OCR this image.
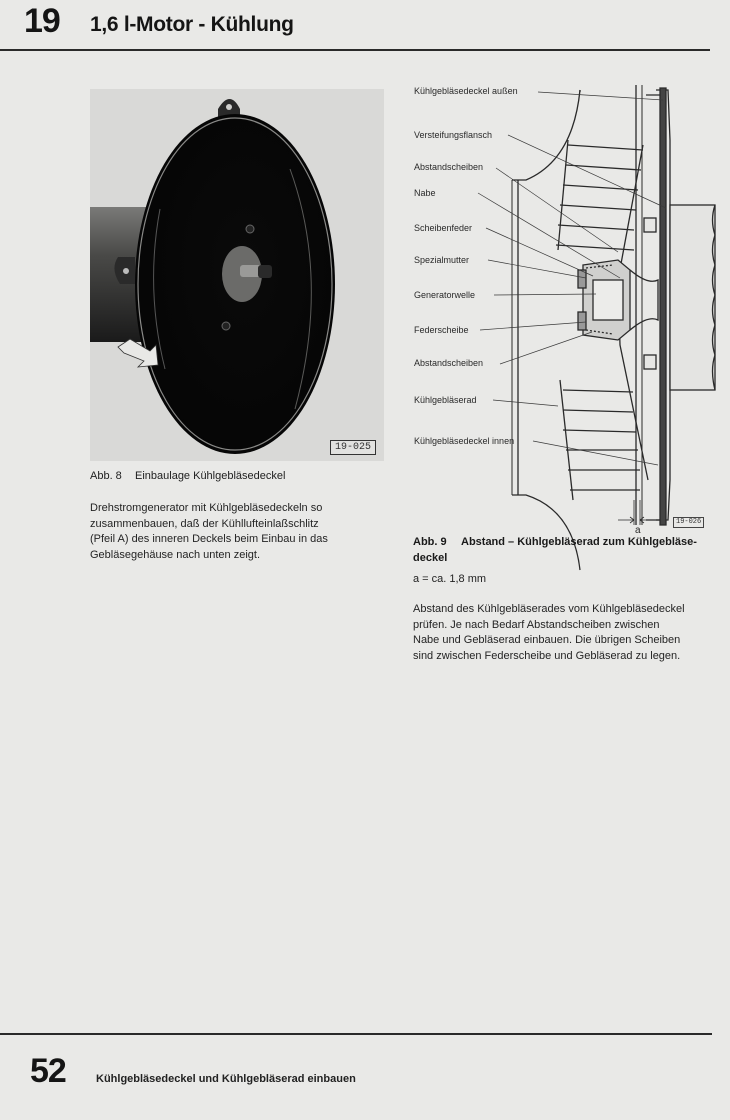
19 1,6 l-Motor - Kühlung
19-025
Abb. 8 Einbaulage Kühlgebläsedeckel
Drehstromgenerator mit Kühlgebläsedeckeln so
zusammenbauen, daß der Kühllufteinlaßschlitz
(Pfeil A) des inneren Deckels beim Einbau in das
Gebläsegehäuse nach unten zeigt.
a
Kühlgebläsedeckel außen
Versteifungsflansch
Abstandscheiben
Nabe
Scheibenfeder
Spezialmutter
Generatorwelle
Federscheibe
Abstandscheiben
Kühlgebläserad
Kühlgebläsedeckel innen
19-026
Abb. 9 Abstand – Kühlgebläserad zum Kühlgebläse-deckel
a = ca. 1,8 mm
Abstand des Kühlgebläserades vom Kühlgebläsedeckel
prüfen. Je nach Bedarf Abstandscheiben zwischen
Nabe und Gebläserad einbauen. Die übrigen Scheiben
sind zwischen Federscheibe und Gebläserad zu legen.
52	Kühlgebläsedeckel und Kühlgebläserad einbauen
